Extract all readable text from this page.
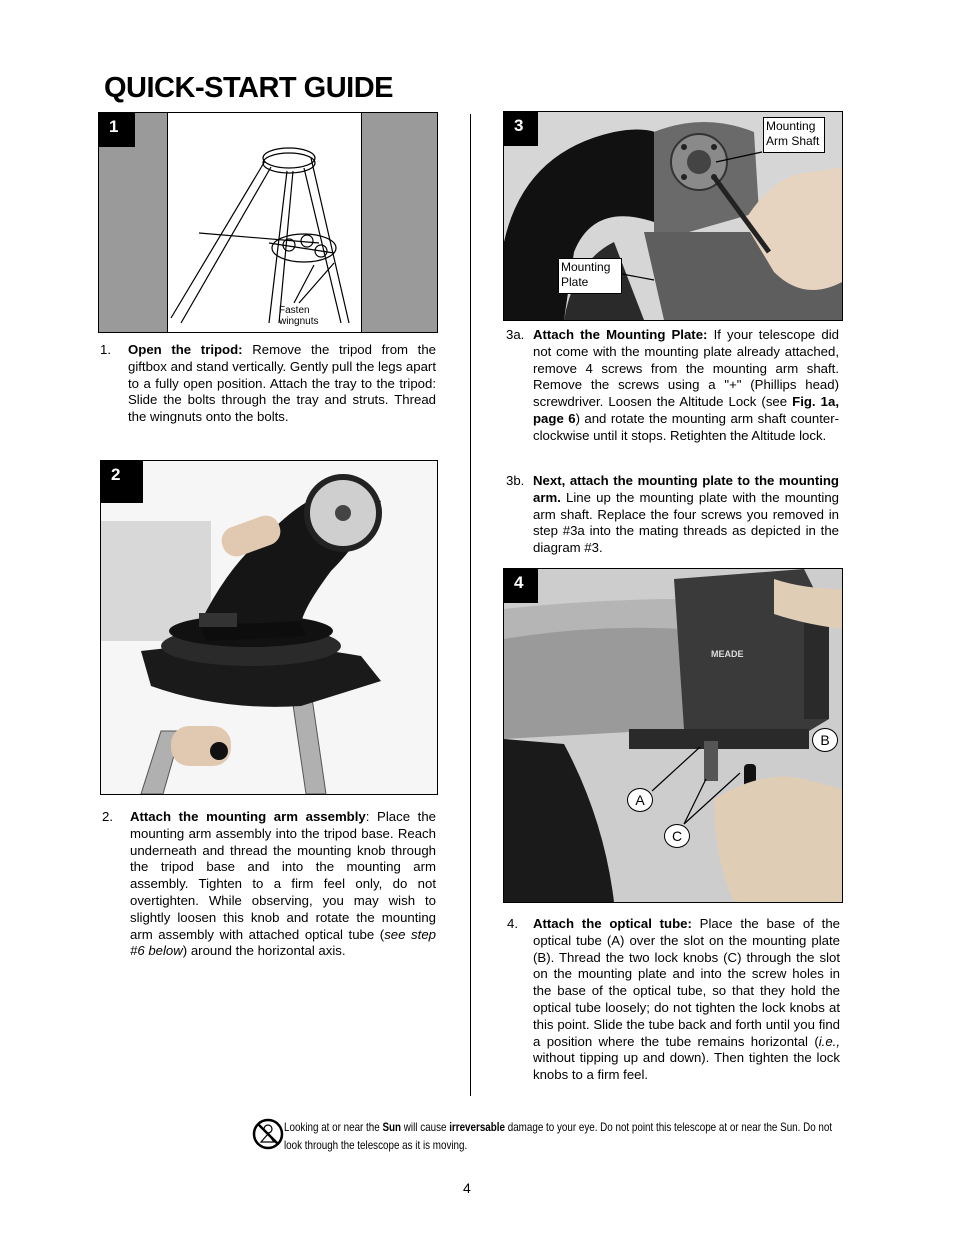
QUICK-START GUIDE
1
Fasten wingnuts
1. Open the tripod: Remove the tripod from the giftbox and stand vertically. Gently pull the legs apart to a fully open position. Attach the tray to the tripod: Slide the bolts through the tray and struts. Thread the wingnuts onto the bolts.
2
2. Attach the mounting arm assembly: Place the mounting arm assembly into the tripod base. Reach underneath and thread the mounting knob through the tripod base and into the mounting arm assembly. Tighten to a firm feel only, do not overtighten. While observing, you may wish to slightly loosen this knob and rotate the mounting arm assembly with attached optical tube (see step #6 below) around the horizontal axis.
3	Mounting Arm Shaft
Mounting Plate
3a. Attach the Mounting Plate: If your telescope did not come with the mounting plate already attached, remove 4 screws from the mounting arm shaft. Remove the screws using a "+" (Phillips head) screwdriver. Loosen the Altitude Lock (see Fig. 1a, page 6) and rotate the mounting arm shaft counter-clockwise until it stops. Retighten the Altitude lock.
3b. Next, attach the mounting plate to the mounting arm. Line up the mounting plate with the mounting arm shaft. Replace the four screws you removed in step #3a into the mating threads as depicted in the diagram #3.
MEADE
4
A
B
C
4. Attach the optical tube: Place the base of the optical tube (A) over the slot on the mounting plate (B). Thread the two lock knobs (C) through the slot on the mounting plate and into the screw holes in the base of the optical tube, so that they hold the optical tube loosely; do not tighten the lock knobs at this point. Slide the tube back and forth until you find a position where the tube remains horizontal (i.e., without tipping up and down). Then tighten the lock knobs to a firm feel.
Looking at or near the Sun will cause irreversable damage to your eye. Do not point this telescope at or near the Sun. Do not look through the telescope as it is moving.
4
